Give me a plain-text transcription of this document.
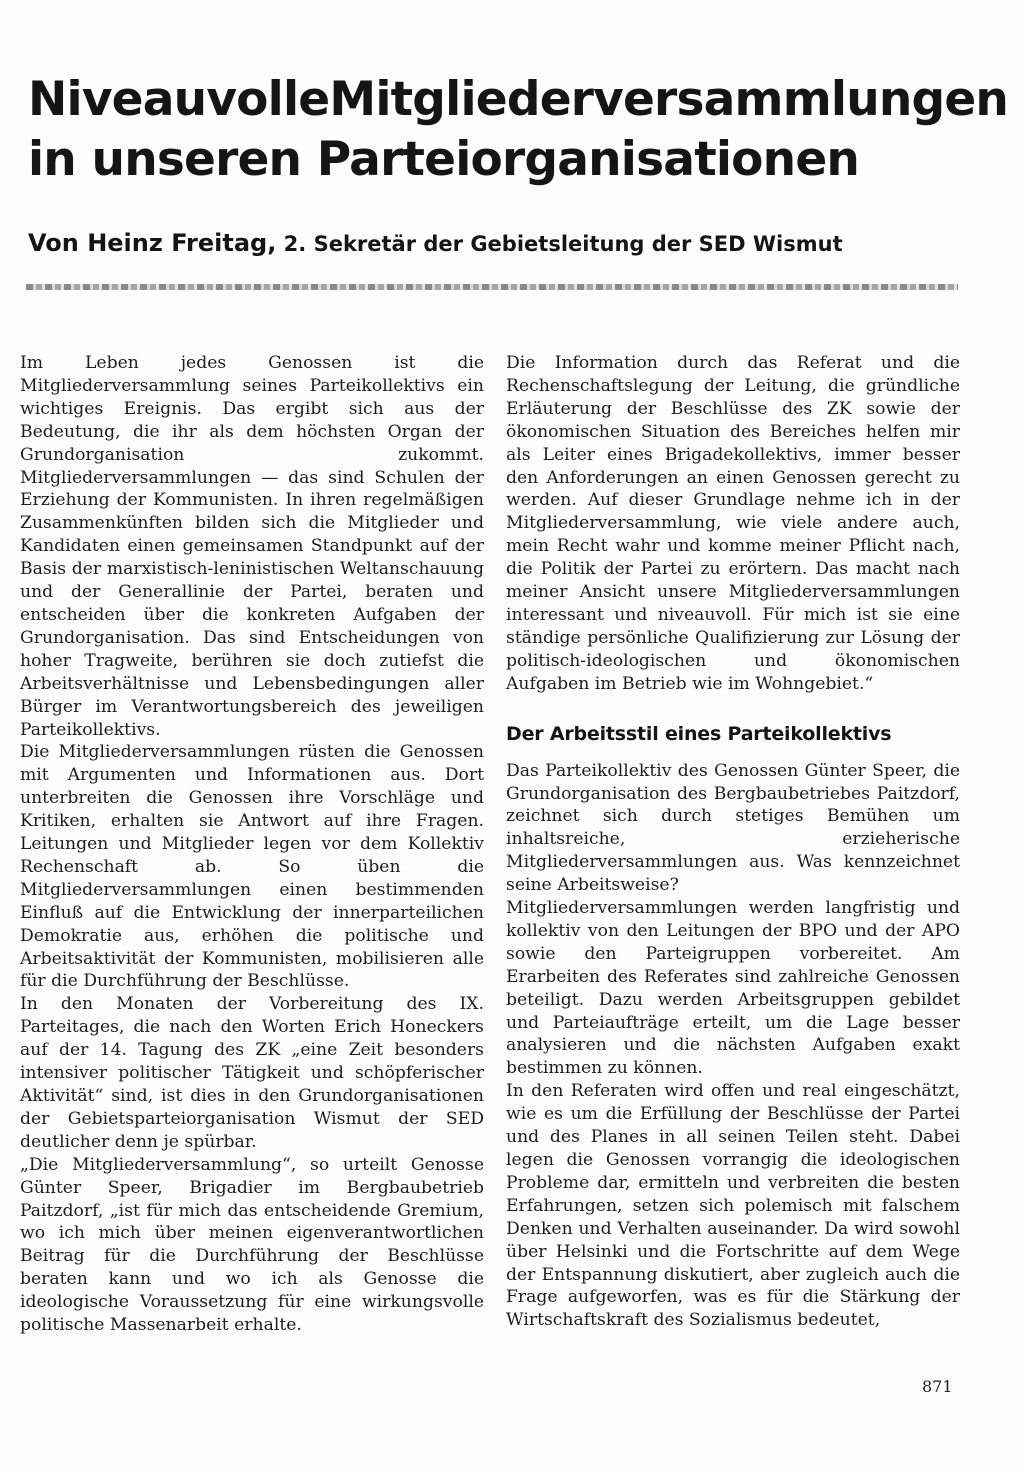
NiveauvolleMitgliederversammlungen
in unseren Parteiorganisationen
Von Heinz Freitag, 2. Sekretär der Gebietsleitung der SED Wismut

Im Leben jedes Genossen ist die Mitgliederversammlung seines Parteikollektivs ein wichtiges Ereignis. Das ergibt sich aus der Bedeutung, die ihr als dem höchsten Organ der Grundorganisation zukommt. Mitgliederversammlungen — das sind Schulen der Erziehung der Kommunisten. In ihren regelmäßigen Zusammenkünften bilden sich die Mitglieder und Kandidaten einen gemeinsamen Standpunkt auf der Basis der marxistisch-leninistischen Weltanschauung und der Generallinie der Partei, beraten und entscheiden über die konkreten Aufgaben der Grundorganisation. Das sind Entscheidungen von hoher Tragweite, berühren sie doch zutiefst die Arbeitsverhältnisse und Lebensbedingungen aller Bürger im Verantwortungsbereich des jeweiligen Parteikollektivs.

Die Mitgliederversammlungen rüsten die Genossen mit Argumenten und Informationen aus. Dort unterbreiten die Genossen ihre Vorschläge und Kritiken, erhalten sie Antwort auf ihre Fragen. Leitungen und Mitglieder legen vor dem Kollektiv Rechenschaft ab. So üben die Mitgliederversammlungen einen bestimmenden Einfluß auf die Entwicklung der innerparteilichen Demokratie aus, erhöhen die politische und Arbeitsaktivität der Kommunisten, mobilisieren alle für die Durchführung der Beschlüsse.

In den Monaten der Vorbereitung des IX. Parteitages, die nach den Worten Erich Honeckers auf der 14. Tagung des ZK „eine Zeit besonders intensiver politischer Tätigkeit und schöpferischer Aktivität“ sind, ist dies in den Grundorganisationen der Gebietsparteiorganisation Wismut der SED deutlicher denn je spürbar.

„Die Mitgliederversammlung“, so urteilt Genosse Günter Speer, Brigadier im Bergbaubetrieb Paitzdorf, „ist für mich das entscheidende Gremium, wo ich mich über meinen eigenverantwortlichen Beitrag für die Durchführung der Beschlüsse beraten kann und wo ich als Genosse die ideologische Voraussetzung für eine wirkungsvolle politische Massenarbeit erhalte.

Die Information durch das Referat und die Rechenschaftslegung der Leitung, die gründliche Erläuterung der Beschlüsse des ZK sowie der ökonomischen Situation des Bereiches helfen mir als Leiter eines Brigadekollektivs, immer besser den Anforderungen an einen Genossen gerecht zu werden. Auf dieser Grundlage nehme ich in der Mitgliederversammlung, wie viele andere auch, mein Recht wahr und komme meiner Pflicht nach, die Politik der Partei zu erörtern. Das macht nach meiner Ansicht unsere Mitgliederversammlungen interessant und niveauvoll. Für mich ist sie eine ständige persönliche Qualifizierung zur Lösung der politisch-ideologischen und ökonomischen Aufgaben im Betrieb wie im Wohngebiet.“

Der Arbeitsstil eines Parteikollektivs

Das Parteikollektiv des Genossen Günter Speer, die Grundorganisation des Bergbaubetriebes Paitzdorf, zeichnet sich durch stetiges Bemühen um inhaltsreiche, erzieherische Mitgliederversammlungen aus. Was kennzeichnet seine Arbeitsweise?

Mitgliederversammlungen werden langfristig und kollektiv von den Leitungen der BPO und der APO sowie den Parteigruppen vorbereitet. Am Erarbeiten des Referates sind zahlreiche Genossen beteiligt. Dazu werden Arbeitsgruppen gebildet und Parteiaufträge erteilt, um die Lage besser analysieren und die nächsten Aufgaben exakt bestimmen zu können.

In den Referaten wird offen und real eingeschätzt, wie es um die Erfüllung der Beschlüsse der Partei und des Planes in all seinen Teilen steht. Dabei legen die Genossen vorrangig die ideologischen Probleme dar, ermitteln und verbreiten die besten Erfahrungen, setzen sich polemisch mit falschem Denken und Verhalten auseinander. Da wird sowohl über Helsinki und die Fortschritte auf dem Wege der Entspannung diskutiert, aber zugleich auch die Frage aufgeworfen, was es für die Stärkung der Wirtschaftskraft des Sozialismus bedeutet,

871
